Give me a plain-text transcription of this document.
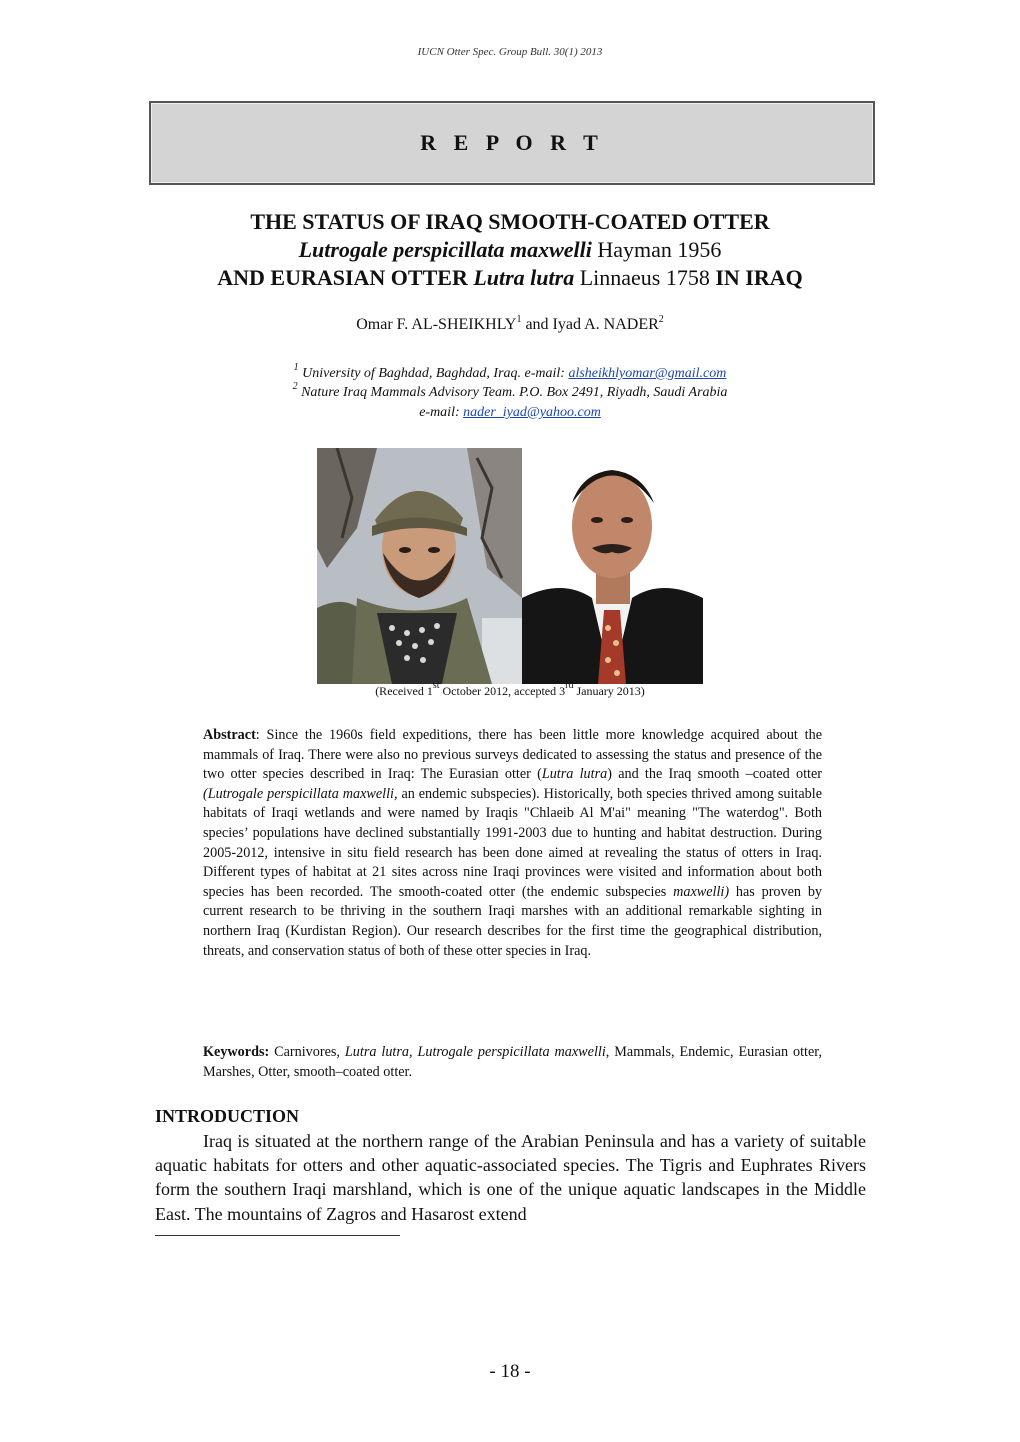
IUCN Otter Spec. Group Bull. 30(1) 2013
R E P O R T
THE STATUS OF IRAQ SMOOTH-COATED OTTER
Lutrogale perspicillata maxwelli Hayman 1956
AND EURASIAN OTTER Lutra lutra Linnaeus 1758 IN IRAQ
Omar F. AL-SHEIKHLY$^1$ and Iyad A. NADER$^2$
$^1$ University of Baghdad, Baghdad, Iraq. e-mail: alsheikhlyomar@gmail.com
$^2$ Nature Iraq Mammals Advisory Team. P.O. Box 2491, Riyadh, Saudi Arabia
e-mail: nader_iyad@yahoo.com
(Received 1st October 2012, accepted 3rd January 2013)
Abstract: Since the 1960s field expeditions, there has been little more knowledge acquired about the mammals of Iraq. There were also no previous surveys dedicated to assessing the status and presence of the two otter species described in Iraq: The Eurasian otter (Lutra lutra) and the Iraq smooth –coated otter (Lutrogale perspicillata maxwelli, an endemic subspecies). Historically, both species thrived among suitable habitats of Iraqi wetlands and were named by Iraqis "Chlaeib Al M'ai" meaning "The waterdog". Both species’ populations have declined substantially 1991-2003 due to hunting and habitat destruction. During 2005-2012, intensive in situ field research has been done aimed at revealing the status of otters in Iraq. Different types of habitat at 21 sites across nine Iraqi provinces were visited and information about both species has been recorded. The smooth-coated otter (the endemic subspecies maxwelli) has proven by current research to be thriving in the southern Iraqi marshes with an additional remarkable sighting in northern Iraq (Kurdistan Region). Our research describes for the first time the geographical distribution, threats, and conservation status of both of these otter species in Iraq.
Keywords: Carnivores, Lutra lutra, Lutrogale perspicillata maxwelli, Mammals, Endemic, Eurasian otter, Marshes, Otter, smooth–coated otter.
INTRODUCTION
Iraq is situated at the northern range of the Arabian Peninsula and has a variety of suitable aquatic habitats for otters and other aquatic-associated species. The Tigris and Euphrates Rivers form the southern Iraqi marshland, which is one of the unique aquatic landscapes in the Middle East. The mountains of Zagros and Hasarost extend
- 18 -
